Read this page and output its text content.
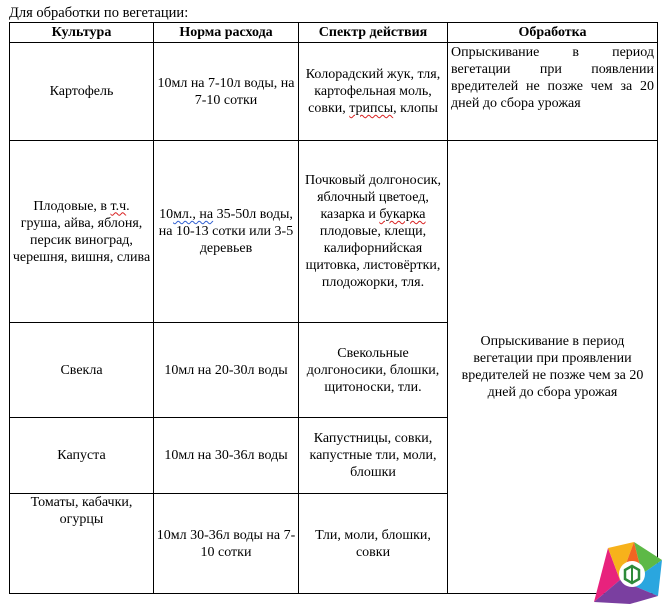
Для обработки по вегетации:
Культура	Норма расхода	Спектр действия	Обработка
Картофель	10мл на 7-10л воды, на 7-10 сотки	Колорадский жук, тля, картофельная моль, совки, трипсы, клопы	Опрыскивание в период вегетации при появлении вредителей не позже чем за 20 дней до сбора урожая
Плодовые, в т.ч. груша, айва, яблоня, персик виноград, черешня, вишня, слива	10мл., на 35-50л воды, на 10-13 сотки или 3-5 деревьев	Почковый долгоносик, яблочный цветоед, казарка и букарка плодовые, клещи, калифорнийская щитовка, листовёртки, плодожорки, тля.	Опрыскивание в период вегетации при проявлении вредителей не позже чем за 20 дней до сбора урожая
Свекла	10мл на 20-30л воды	Свекольные долгоносики, блошки, щитоноски, тли.	
Капуста	10мл на 30-36л воды	Капустницы, совки, капустные тли, моли, блошки	
Томаты, кабачки, огурцы	10мл 30-36л воды на 7-10 сотки	Тли, моли, блошки, совки	
